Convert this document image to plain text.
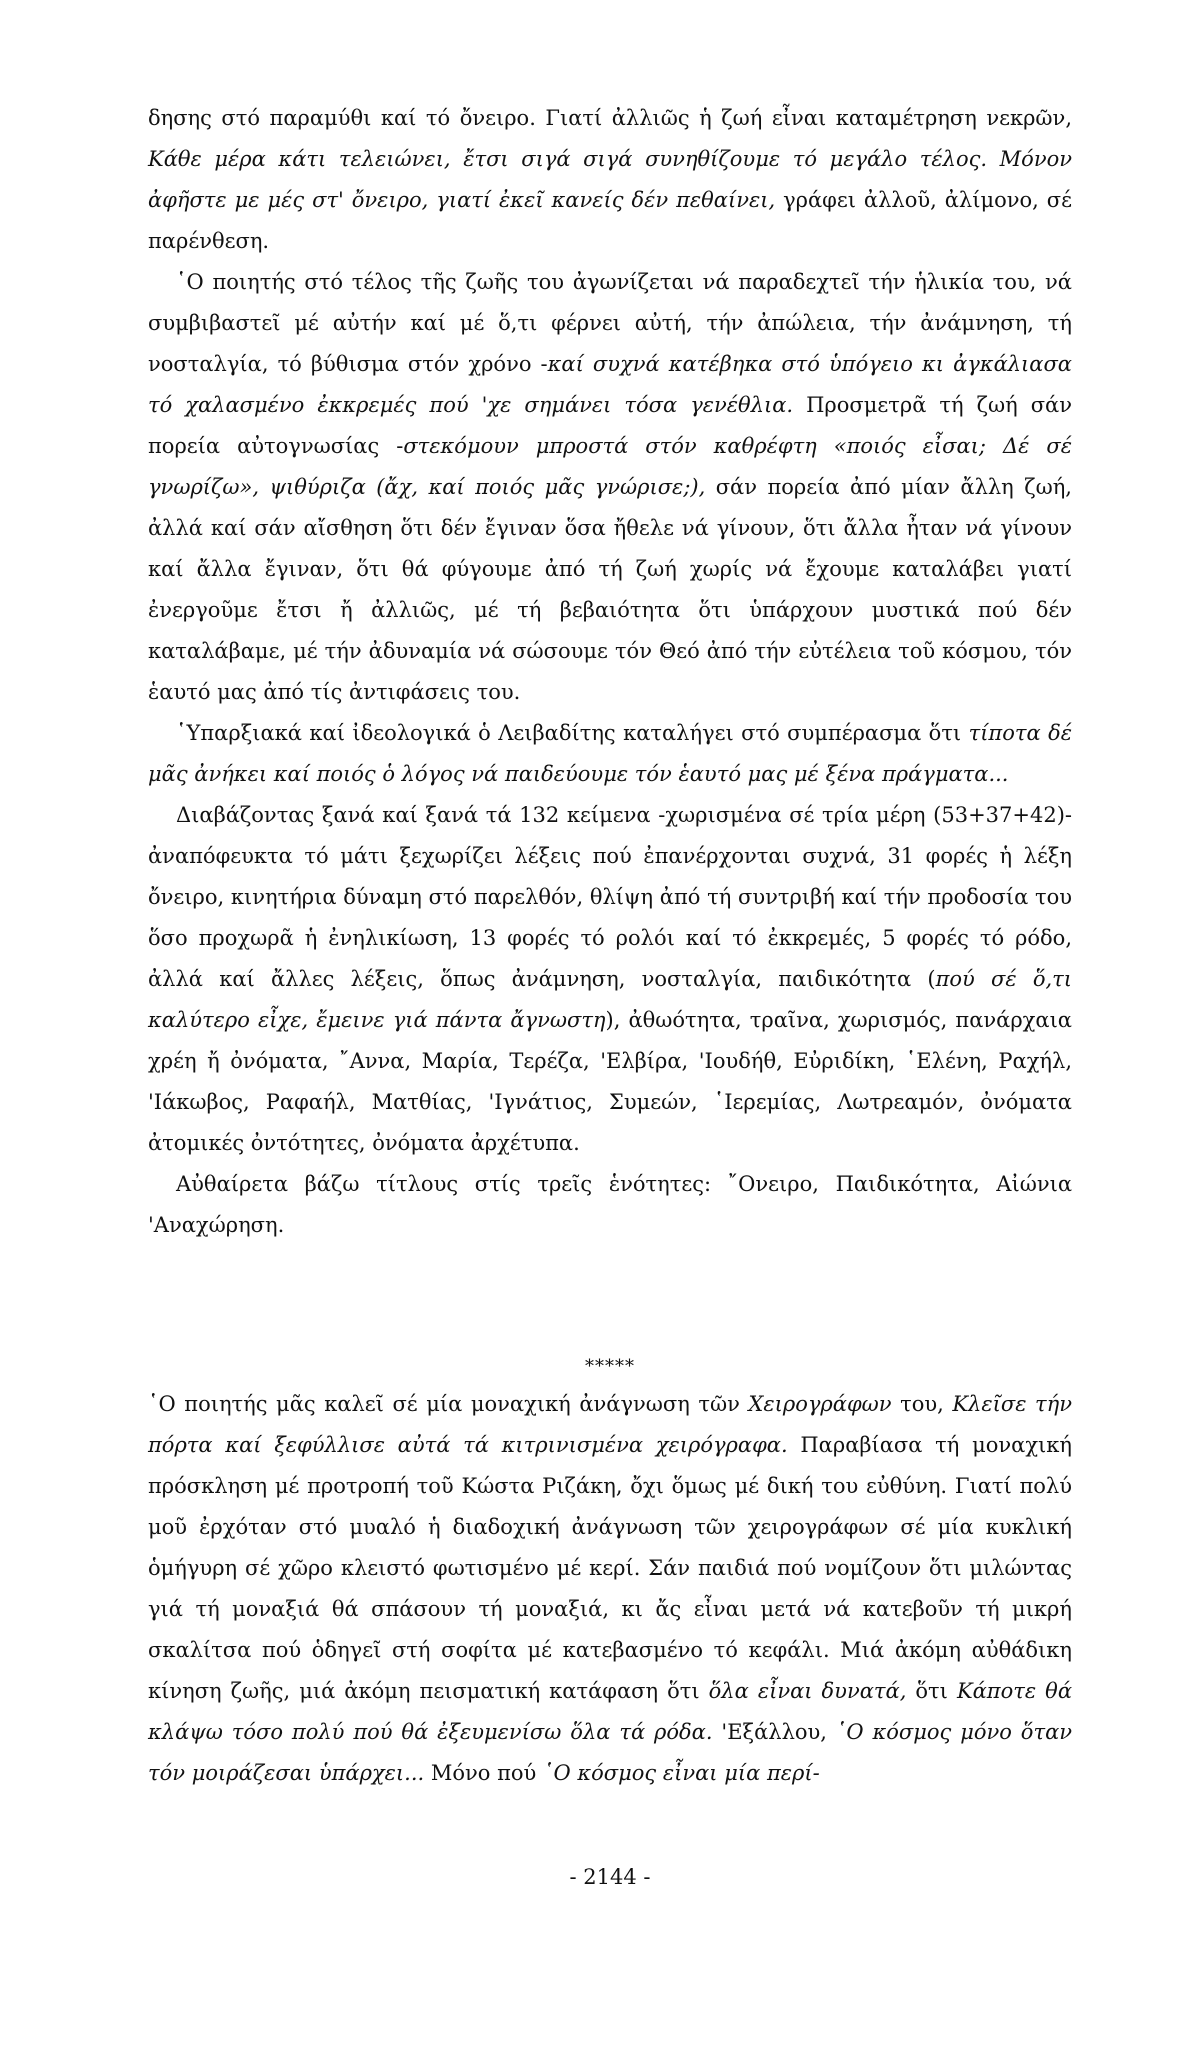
δησης στό παραμύθι καί τό ὄνειρο. Γιατί ἀλλιῶς ἡ ζωή εἶναι καταμέτρηση νεκρῶν, Κάθε μέρα κάτι τελειώνει, ἔτσι σιγά σιγά συνηθίζουμε τό μεγάλο τέλος. Μόνον ἀφῆστε με μές στ' ὄνειρο, γιατί ἐκεῖ κανείς δέν πεθαίνει, γράφει ἀλλοῦ, ἀλίμονο, σέ παρένθεση.

῾Ο ποιητής στό τέλος τῆς ζωῆς του ἀγωνίζεται νά παραδεχτεῖ τήν ἡλικία του, νά συμβιβαστεῖ μέ αὐτήν καί μέ ὅ,τι φέρνει αὐτή, τήν ἀπώλεια, τήν ἀνάμνηση, τή νοσταλγία, τό βύθισμα στόν χρόνο -καί συχνά κατέβηκα στό ὑπόγειο κι ἀγκάλιασα τό χαλασμένο ἐκκρεμές πού 'χε σημάνει τόσα γενέθλια. Προσμετρᾶ τή ζωή σάν πορεία αὐτογνωσίας -στεκόμουν μπροστά στόν καθρέφτη «ποιός εἶσαι; Δέ σέ γνωρίζω», ψιθύριζα (ἄχ, καί ποιός μᾶς γνώρισε;), σάν πορεία ἀπό μίαν ἄλλη ζωή, ἀλλά καί σάν αἴσθηση ὅτι δέν ἔγιναν ὅσα ἤθελε νά γίνουν, ὅτι ἄλλα ἦταν νά γίνουν καί ἄλλα ἔγιναν, ὅτι θά φύγουμε ἀπό τή ζωή χωρίς νά ἔχουμε καταλάβει γιατί ἐνεργοῦμε ἔτσι ἤ ἀλλιῶς, μέ τή βεβαιότητα ὅτι ὑπάρχουν μυστικά πού δέν καταλάβαμε, μέ τήν ἀδυναμία νά σώσουμε τόν Θεό ἀπό τήν εὐτέλεια τοῦ κόσμου, τόν ἑαυτό μας ἀπό τίς ἀντιφάσεις του.

῾Υπαρξιακά καί ἰδεολογικά ὁ Λειβαδίτης καταλήγει στό συμπέρασμα ὅτι τίποτα δέ μᾶς ἀνήκει καί ποιός ὁ λόγος νά παιδεύουμε τόν ἑαυτό μας μέ ξένα πράγματα...

Διαβάζοντας ξανά καί ξανά τά 132 κείμενα -χωρισμένα σέ τρία μέρη (53+37+42)- ἀναπόφευκτα τό μάτι ξεχωρίζει λέξεις πού ἐπανέρχονται συχνά, 31 φορές ἡ λέξη ὄνειρο, κινητήρια δύναμη στό παρελθόν, θλίψη ἀπό τή συντριβή καί τήν προδοσία του ὅσο προχωρᾶ ἡ ἐνηλικίωση, 13 φορές τό ρολόι καί τό ἐκκρεμές, 5 φορές τό ρόδο, ἀλλά καί ἄλλες λέξεις, ὅπως ἀνάμνηση, νοσταλγία, παιδικότητα (πού σέ ὅ,τι καλύτερο εἶχε, ἔμεινε γιά πάντα ἄγνωστη), ἀθωότητα, τραῖνα, χωρισμός, πανάρχαια χρέη ἤ ὀνόματα, ῎Αννα, Μαρία, Τερέζα, 'Ελβίρα, 'Ιουδήθ, Εὐριδίκη, ῾Ελένη, Ραχήλ, 'Ιάκωβος, Ραφαήλ, Ματθίας, 'Ιγνάτιος, Συμεών, ῾Ιερεμίας, Λωτρεαμόν, ὀνόματα ἀτομικές ὀντότητες, ὀνόματα ἀρχέτυπα.

Αὐθαίρετα βάζω τίτλους στίς τρεῖς ἑνότητες: ῎Ονειρο, Παιδικότητα, Αἰώνια 'Αναχώρηση.

*****

῾Ο ποιητής μᾶς καλεῖ σέ μία μοναχική ἀνάγνωση τῶν Χειρογράφων του, Κλεῖσε τήν πόρτα καί ξεφύλλισε αὐτά τά κιτρινισμένα χειρόγραφα. Παραβίασα τή μοναχική πρόσκληση μέ προτροπή τοῦ Κώστα Ριζάκη, ὄχι ὅμως μέ δική του εὐθύνη. Γιατί πολύ μοῦ ἐρχόταν στό μυαλό ἡ διαδοχική ἀνάγνωση τῶν χειρογράφων σέ μία κυκλική ὁμήγυρη σέ χῶρο κλειστό φωτισμένο μέ κερί. Σάν παιδιά πού νομίζουν ὅτι μιλώντας γιά τή μοναξιά θά σπάσουν τή μοναξιά, κι ἄς εἶναι μετά νά κατεβοῦν τή μικρή σκαλίτσα πού ὁδηγεῖ στή σοφίτα μέ κατεβασμένο τό κεφάλι. Μιά ἀκόμη αὐθάδικη κίνηση ζωῆς, μιά ἀκόμη πεισματική κατάφαση ὅτι ὅλα εἶναι δυνατά, ὅτι Κάποτε θά κλάψω τόσο πολύ πού θά ἐξευμενίσω ὅλα τά ρόδα. 'Εξάλλου, ῾Ο κόσμος μόνο ὅταν τόν μοιράζεσαι ὑπάρχει... Μόνο πού ῾Ο κόσμος εἶναι μία περί-

- 2144 -
